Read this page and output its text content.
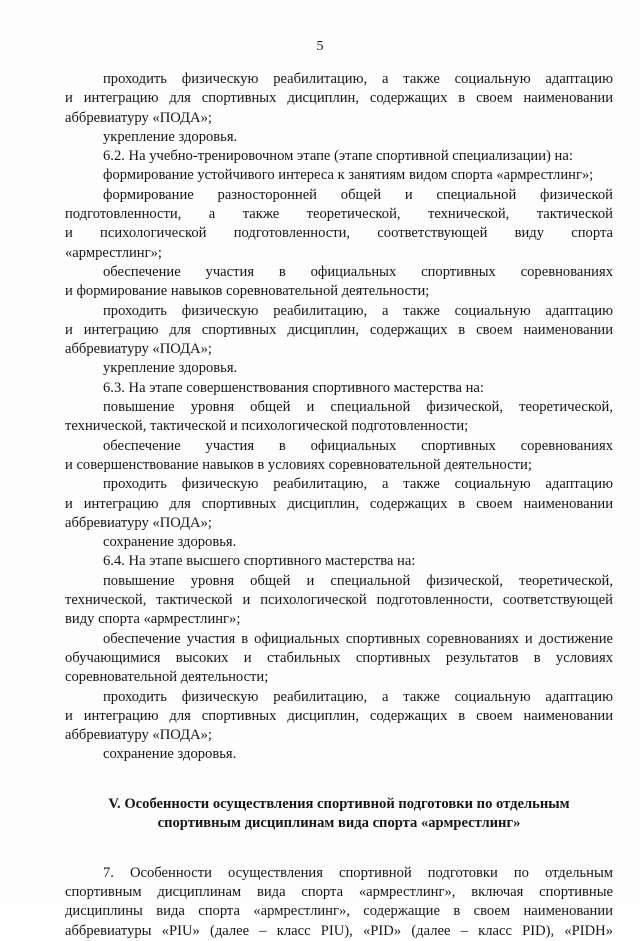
5
проходить физическую реабилитацию, а также социальную адаптацию
и интеграцию для спортивных дисциплин, содержащих в своем наименовании
аббревиатуру «ПОДА»;
укрепление здоровья.
6.2. На учебно-тренировочном этапе (этапе спортивной специализации) на:
формирование устойчивого интереса к занятиям видом спорта «армрестлинг»;
формирование разносторонней общей и специальной физической
подготовленности, а также теоретической, технической, тактической
и психологической подготовленности, соответствующей виду спорта
«армрестлинг»;
обеспечение участия в официальных спортивных соревнованиях
и формирование навыков соревновательной деятельности;
проходить физическую реабилитацию, а также социальную адаптацию
и интеграцию для спортивных дисциплин, содержащих в своем наименовании
аббревиатуру «ПОДА»;
укрепление здоровья.
6.3. На этапе совершенствования спортивного мастерства на:
повышение уровня общей и специальной физической, теоретической,
технической, тактической и психологической подготовленности;
обеспечение участия в официальных спортивных соревнованиях
и совершенствование навыков в условиях соревновательной деятельности;
проходить физическую реабилитацию, а также социальную адаптацию
и интеграцию для спортивных дисциплин, содержащих в своем наименовании
аббревиатуру «ПОДА»;
сохранение здоровья.
6.4. На этапе высшего спортивного мастерства на:
повышение уровня общей и специальной физической, теоретической,
технической, тактической и психологической подготовленности, соответствующей
виду спорта «армрестлинг»;
обеспечение участия в официальных спортивных соревнованиях и достижение
обучающимися высоких и стабильных спортивных результатов в условиях
соревновательной деятельности;
проходить физическую реабилитацию, а также социальную адаптацию
и интеграцию для спортивных дисциплин, содержащих в своем наименовании
аббревиатуру «ПОДА»;
сохранение здоровья.
V. Особенности осуществления спортивной подготовки по отдельным
спортивным дисциплинам вида спорта «армрестлинг»
7. Особенности осуществления спортивной подготовки по отдельным
спортивным дисциплинам вида спорта «армрестлинг», включая спортивные
дисциплины вида спорта «армрестлинг», содержащие в своем наименовании
аббревиатуры «PIU» (далее – класс PIU), «PID» (далее – класс PID), «PIDH»
